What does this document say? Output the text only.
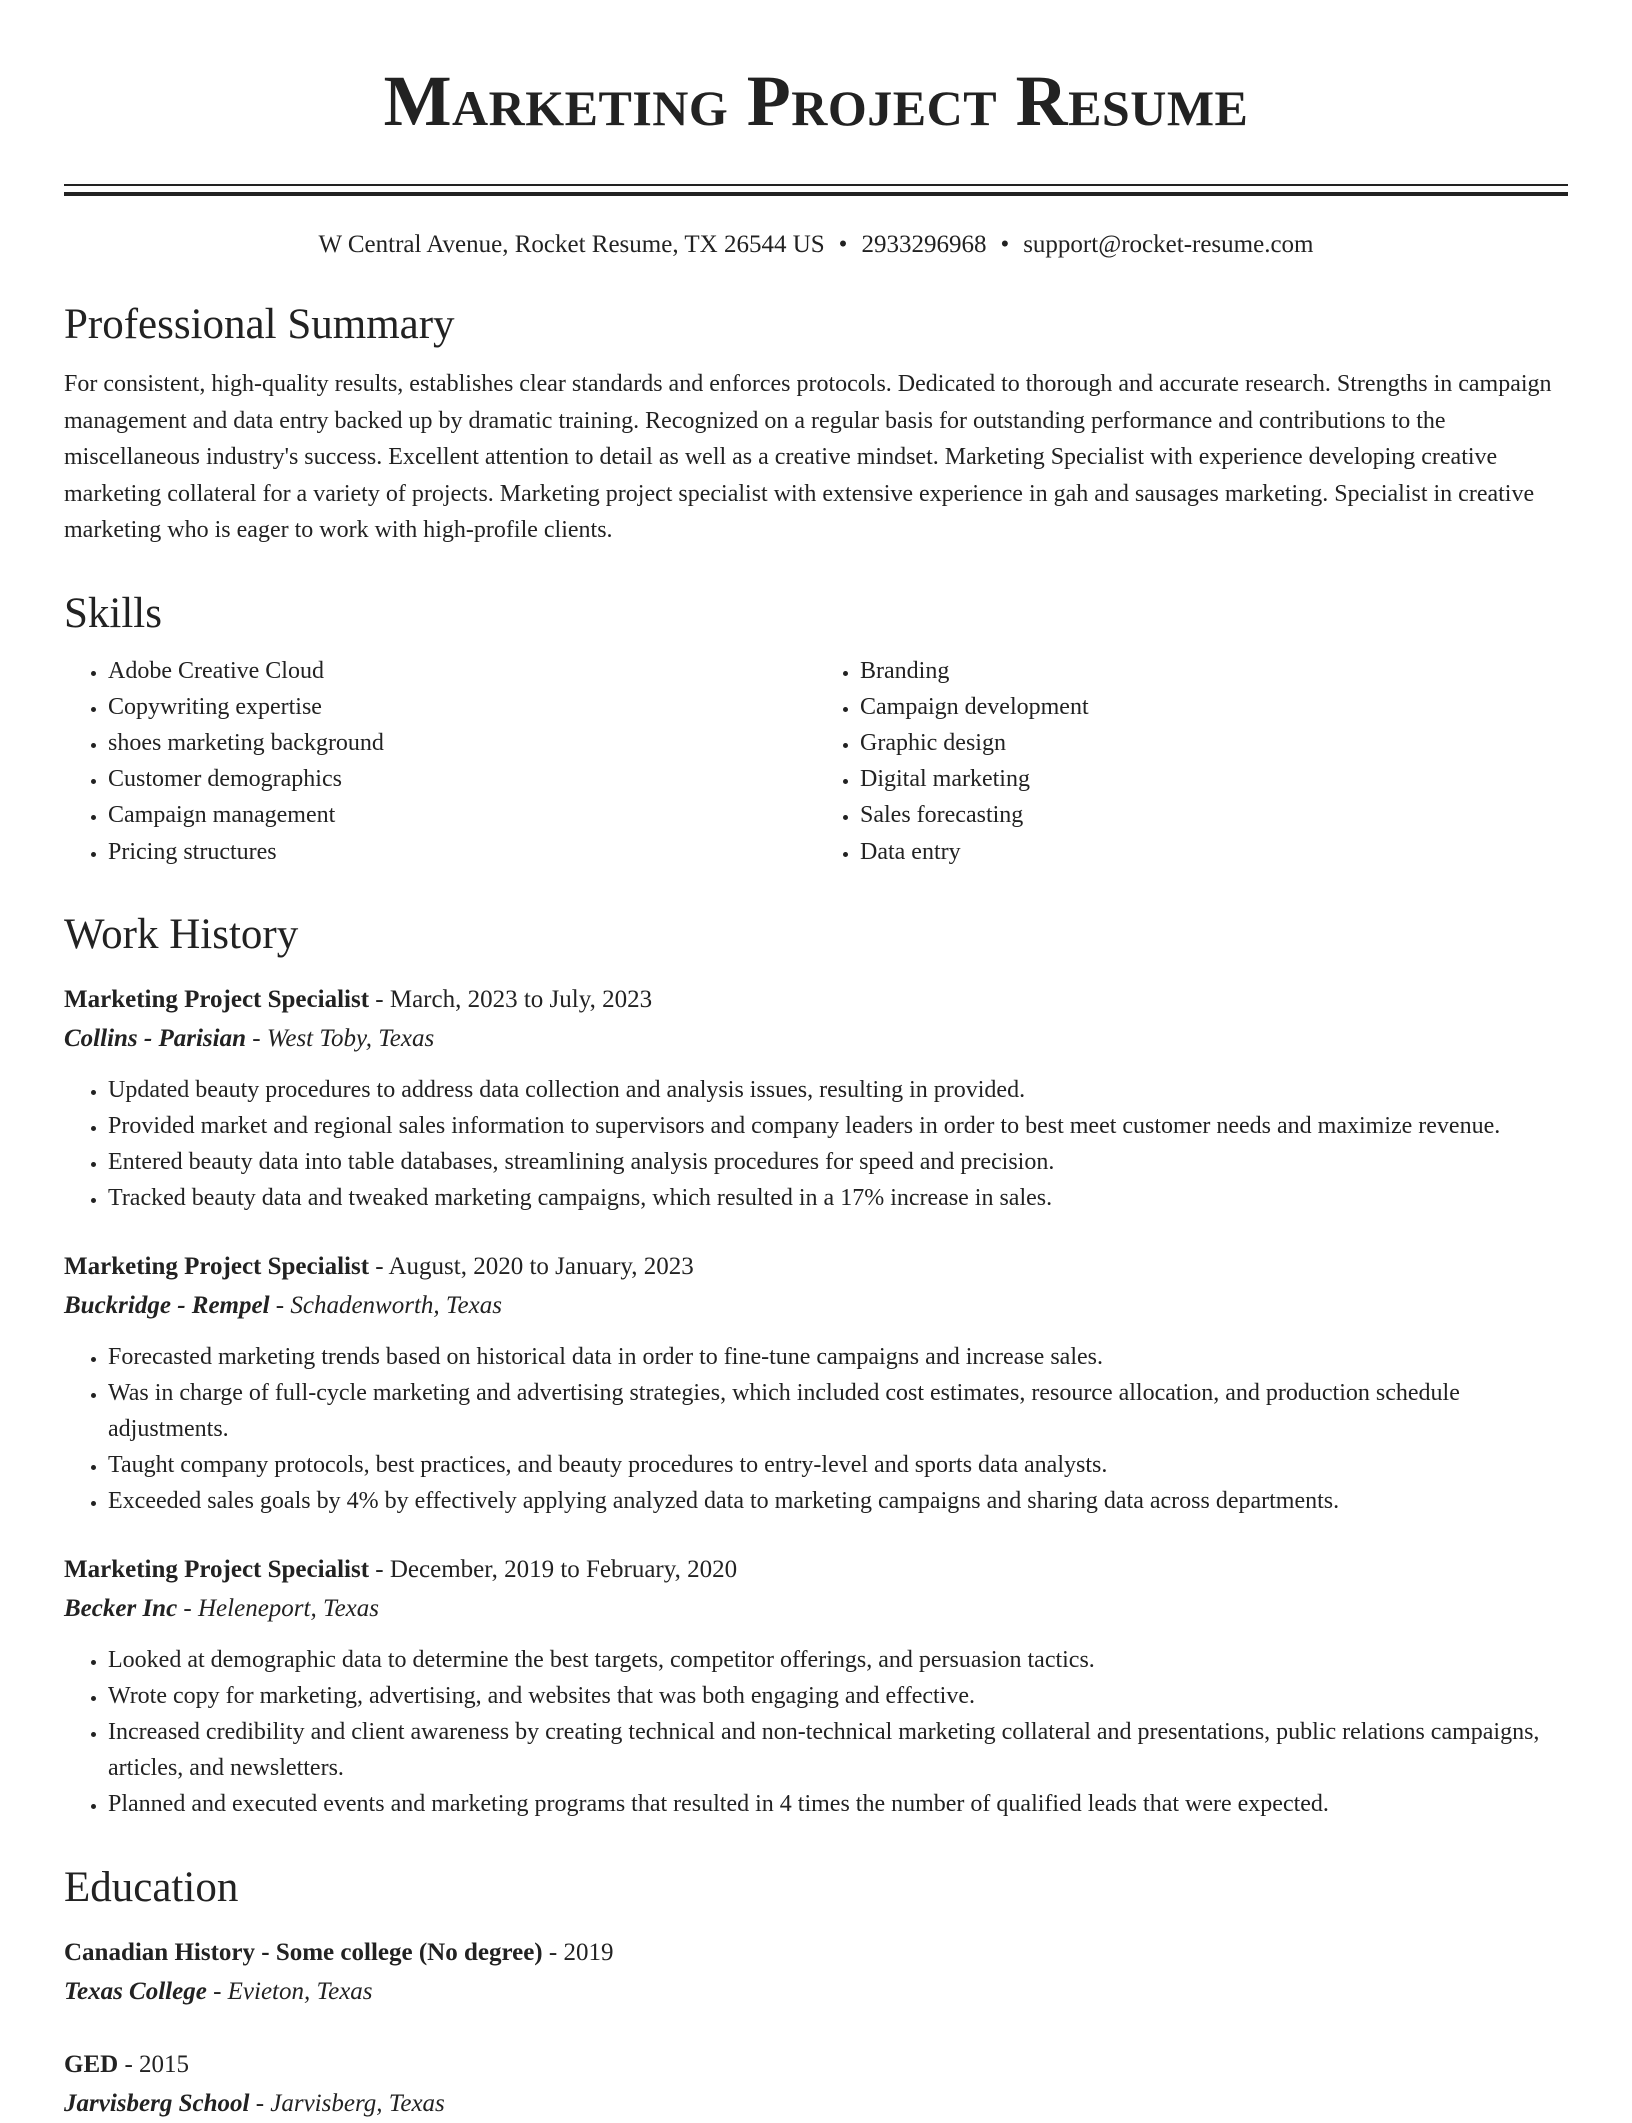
Marketing Project Resume
W Central Avenue, Rocket Resume, TX 26544 US • 2933296968 • support@rocket-resume.com
Professional Summary

For consistent, high-quality results, establishes clear standards and enforces protocols. Dedicated to thorough and accurate research. Strengths in campaign management and data entry backed up by dramatic training. Recognized on a regular basis for outstanding performance and contributions to the miscellaneous industry's success. Excellent attention to detail as well as a creative mindset. Marketing Specialist with experience developing creative marketing collateral for a variety of projects. Marketing project specialist with extensive experience in gah and sausages marketing. Specialist in creative marketing who is eager to work with high-profile clients.

Skills
• Adobe Creative Cloud
• Copywriting expertise
• shoes marketing background
• Customer demographics
• Campaign management
• Pricing structures
• Branding
• Campaign development
• Graphic design
• Digital marketing
• Sales forecasting
• Data entry
Work History
Marketing Project Specialist - March, 2023 to July, 2023
Collins - Parisian - West Toby, Texas
• Updated beauty procedures to address data collection and analysis issues, resulting in provided.
• Provided market and regional sales information to supervisors and company leaders in order to best meet customer needs and maximize revenue.
• Entered beauty data into table databases, streamlining analysis procedures for speed and precision.
• Tracked beauty data and tweaked marketing campaigns, which resulted in a 17% increase in sales.
Marketing Project Specialist - August, 2020 to January, 2023
Buckridge - Rempel - Schadenworth, Texas
• Forecasted marketing trends based on historical data in order to fine-tune campaigns and increase sales.
• Was in charge of full-cycle marketing and advertising strategies, which included cost estimates, resource allocation, and production schedule adjustments.
• Taught company protocols, best practices, and beauty procedures to entry-level and sports data analysts.
• Exceeded sales goals by 4% by effectively applying analyzed data to marketing campaigns and sharing data across departments.
Marketing Project Specialist - December, 2019 to February, 2020
Becker Inc - Heleneport, Texas
• Looked at demographic data to determine the best targets, competitor offerings, and persuasion tactics.
• Wrote copy for marketing, advertising, and websites that was both engaging and effective.
• Increased credibility and client awareness by creating technical and non-technical marketing collateral and presentations, public relations campaigns, articles, and newsletters.
• Planned and executed events and marketing programs that resulted in 4 times the number of qualified leads that were expected.
Education
Canadian History - Some college (No degree) - 2019
Texas College - Evieton, Texas
GED - 2015
Jarvisberg School - Jarvisberg, Texas
